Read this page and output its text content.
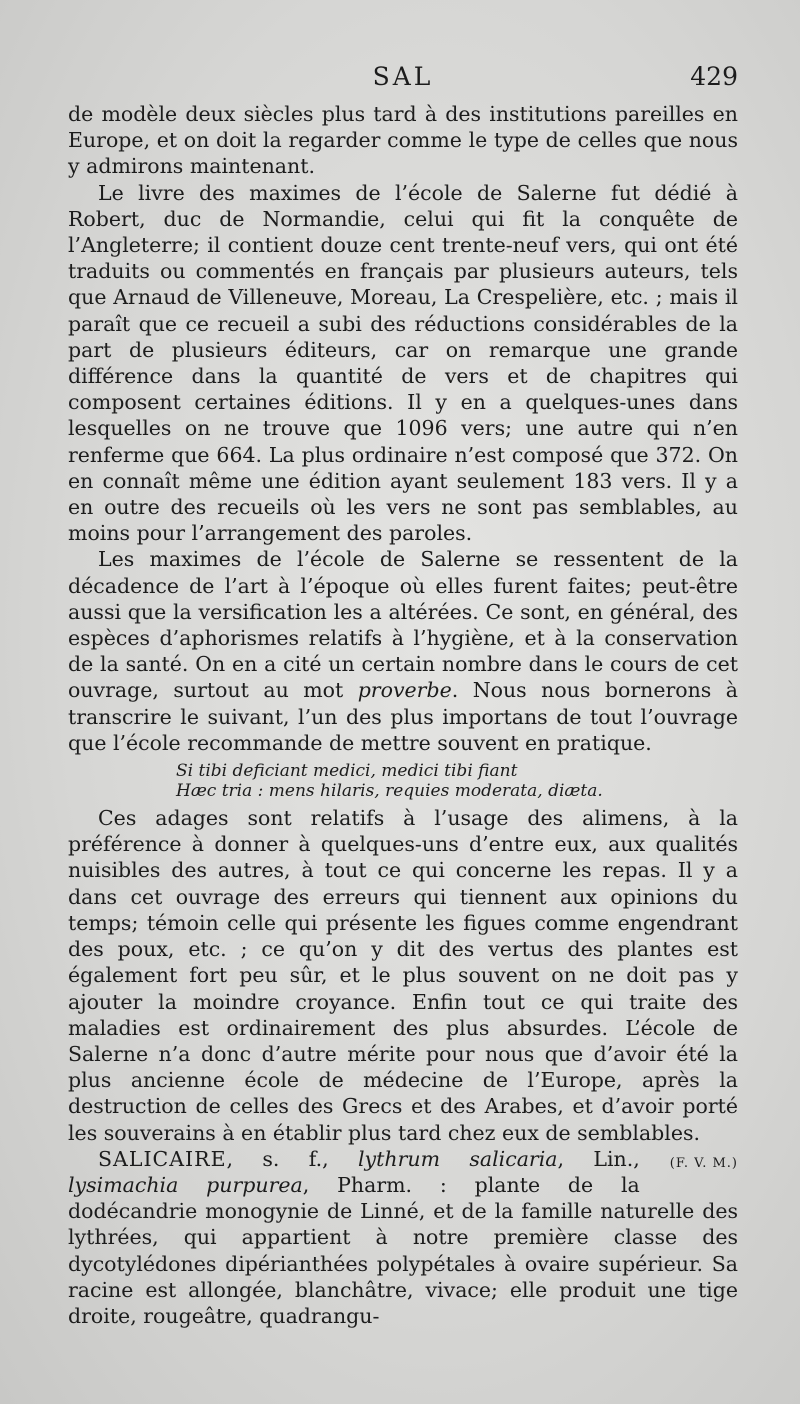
SAL	429

de modèle deux siècles plus tard à des institutions pareilles en Europe, et on doit la regarder comme le type de celles que nous y admirons maintenant.

Le livre des maximes de l’école de Salerne fut dédié à Robert, duc de Normandie, celui qui fit la conquête de l’Angleterre; il contient douze cent trente-neuf vers, qui ont été traduits ou commentés en français par plusieurs auteurs, tels que Arnaud de Villeneuve, Moreau, La Crespelière, etc. ; mais il paraît que ce recueil a subi des réductions considérables de la part de plusieurs éditeurs, car on remarque une grande différence dans la quantité de vers et de chapitres qui composent certaines éditions. Il y en a quelques-unes dans lesquelles on ne trouve que 1096 vers; une autre qui n’en renferme que 664. La plus ordinaire n’est composé que 372. On en connaît même une édition ayant seulement 183 vers. Il y a en outre des recueils où les vers ne sont pas semblables, au moins pour l’arrangement des paroles.

Les maximes de l’école de Salerne se ressentent de la décadence de l’art à l’époque où elles furent faites; peut-être aussi que la versification les a altérées. Ce sont, en général, des espèces d’aphorismes relatifs à l’hygiène, et à la conservation de la santé. On en a cité un certain nombre dans le cours de cet ouvrage, surtout au mot proverbe. Nous nous bornerons à transcrire le suivant, l’un des plus importans de tout l’ouvrage que l’école recommande de mettre souvent en pratique.

Si tibi deficiant medici, medici tibi fiant
Hæc tria : mens hilaris, requies moderata, diæta.

Ces adages sont relatifs à l’usage des alimens, à la préférence à donner à quelques-uns d’entre eux, aux qualités nuisibles des autres, à tout ce qui concerne les repas. Il y a dans cet ouvrage des erreurs qui tiennent aux opinions du temps; témoin celle qui présente les figues comme engendrant des poux, etc. ; ce qu’on y dit des vertus des plantes est également fort peu sûr, et le plus souvent on ne doit pas y ajouter la moindre croyance. Enfin tout ce qui traite des maladies est ordinairement des plus absurdes. L’école de Salerne n’a donc d’autre mérite pour nous que d’avoir été la plus ancienne école de médecine de l’Europe, après la destruction de celles des Grecs et des Arabes, et d’avoir porté les souverains à en établir plus tard chez eux de semblables.
(F. V. M.)

SALICAIRE, s. f., lythrum salicaria, Lin., lysimachia purpurea, Pharm. : plante de la dodécandrie monogynie de Linné, et de la famille naturelle des lythrées, qui appartient à notre première classe des dycotylédones dipérianthées polypétales à ovaire supérieur. Sa racine est allongée, blanchâtre, vivace; elle produit une tige droite, rougeâtre, quadrangu-
